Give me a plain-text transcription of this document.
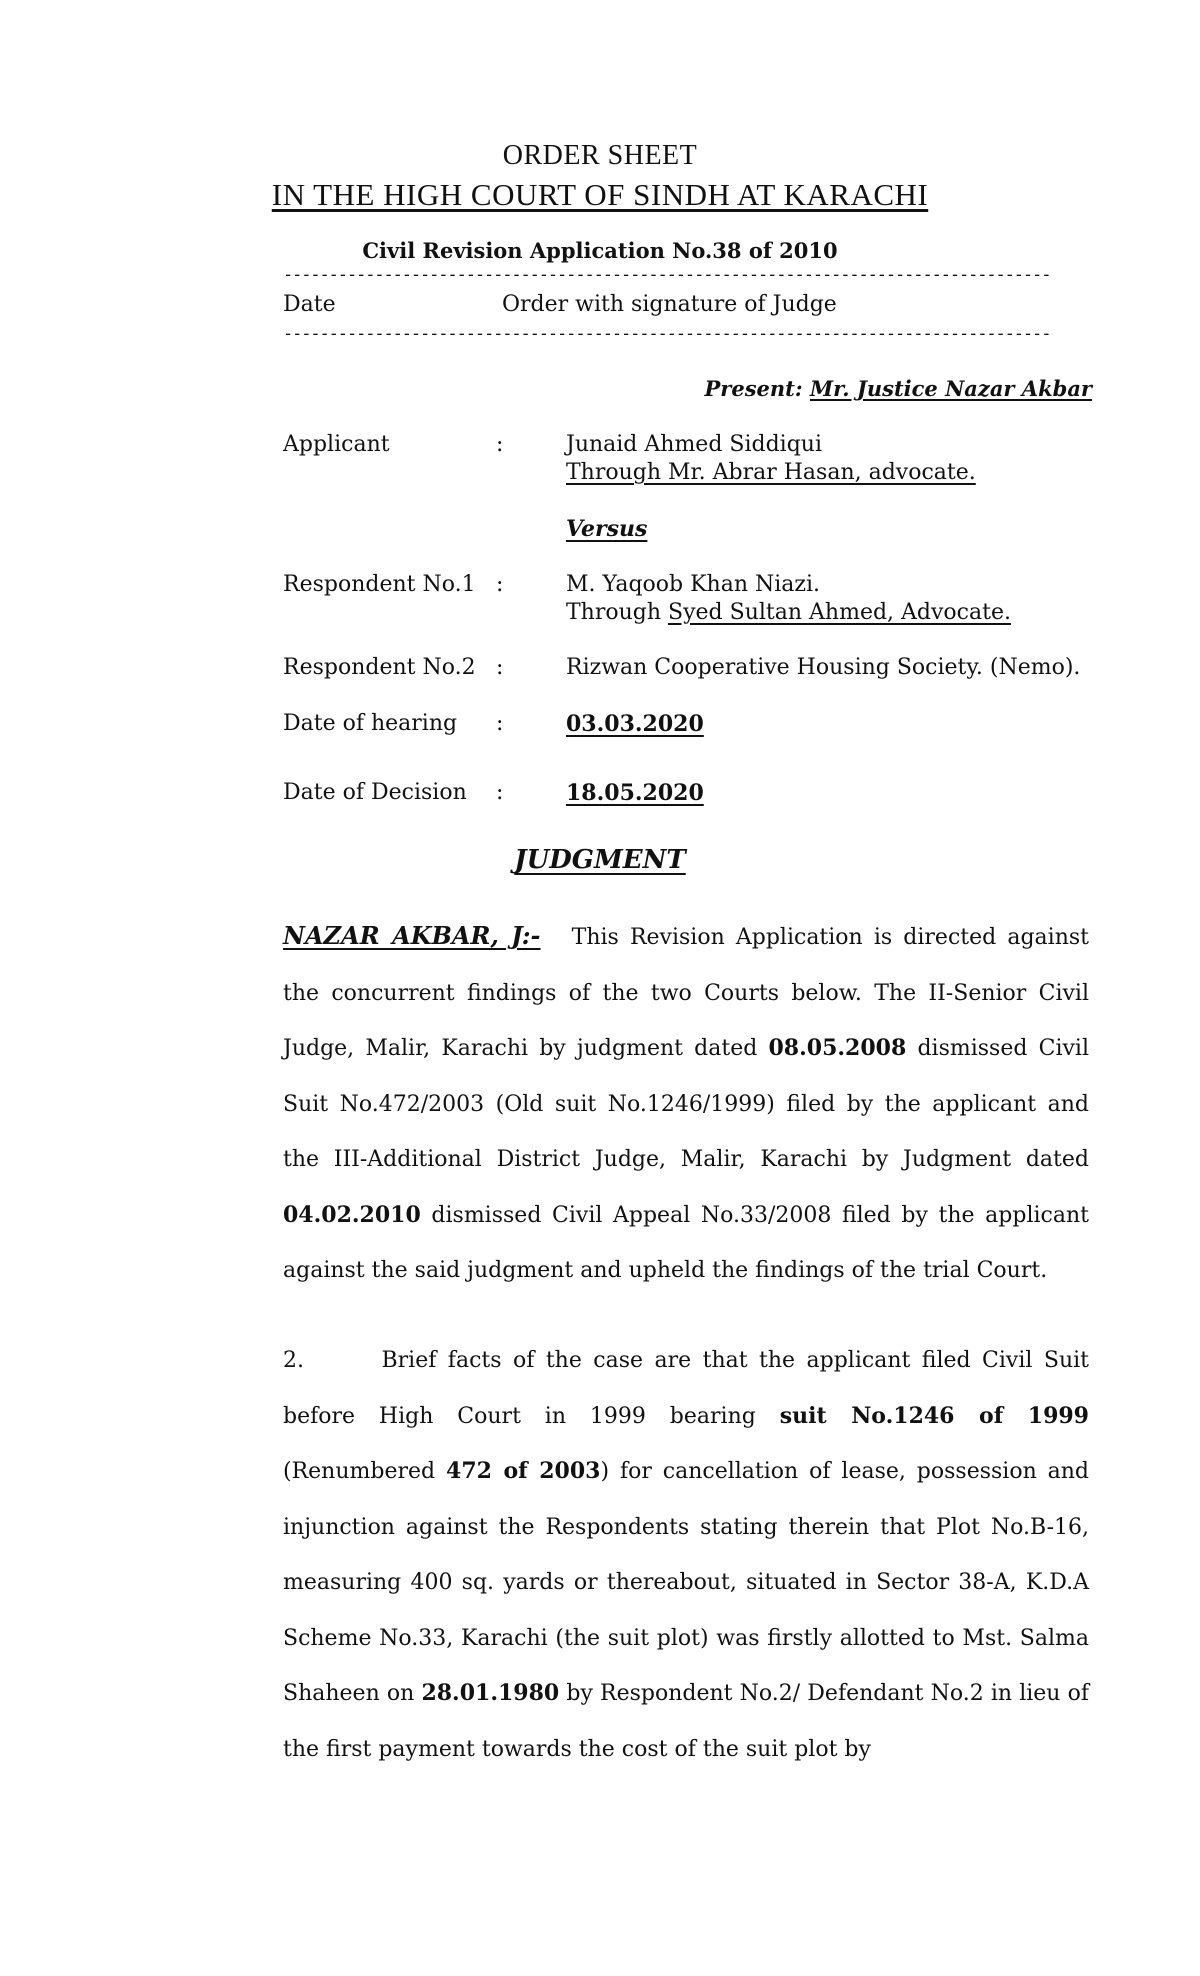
ORDER SHEET
IN THE HIGH COURT OF SINDH AT KARACHI
Civil Revision Application No.38 of 2010
------------------------------------------------------------------------------------
Date	Order with signature of Judge
------------------------------------------------------------------------------------
Present: Mr. Justice Nazar Akbar
Applicant	:	Junaid Ahmed Siddiqui
Through Mr. Abrar Hasan, advocate.
Versus
Respondent No.1 :	M. Yaqoob Khan Niazi.
Through Syed Sultan Ahmed, Advocate.
Respondent No.2 :	Rizwan Cooperative Housing Society. (Nemo).
Date of hearing :	03.03.2020
Date of Decision :	18.05.2020
JUDGMENT

NAZAR AKBAR, J:- This Revision Application is directed against the concurrent findings of the two Courts below. The II-Senior Civil Judge, Malir, Karachi by judgment dated 08.05.2008 dismissed Civil Suit No.472/2003 (Old suit No.1246/1999) filed by the applicant and the III-Additional District Judge, Malir, Karachi by Judgment dated 04.02.2010 dismissed Civil Appeal No.33/2008 filed by the applicant against the said judgment and upheld the findings of the trial Court.

2.	Brief facts of the case are that the applicant filed Civil Suit before High Court in 1999 bearing suit No.1246 of 1999 (Renumbered 472 of 2003) for cancellation of lease, possession and injunction against the Respondents stating therein that Plot No.B-16, measuring 400 sq. yards or thereabout, situated in Sector 38-A, K.D.A Scheme No.33, Karachi (the suit plot) was firstly allotted to Mst. Salma Shaheen on 28.01.1980 by Respondent No.2/ Defendant No.2 in lieu of the first payment towards the cost of the suit plot by
